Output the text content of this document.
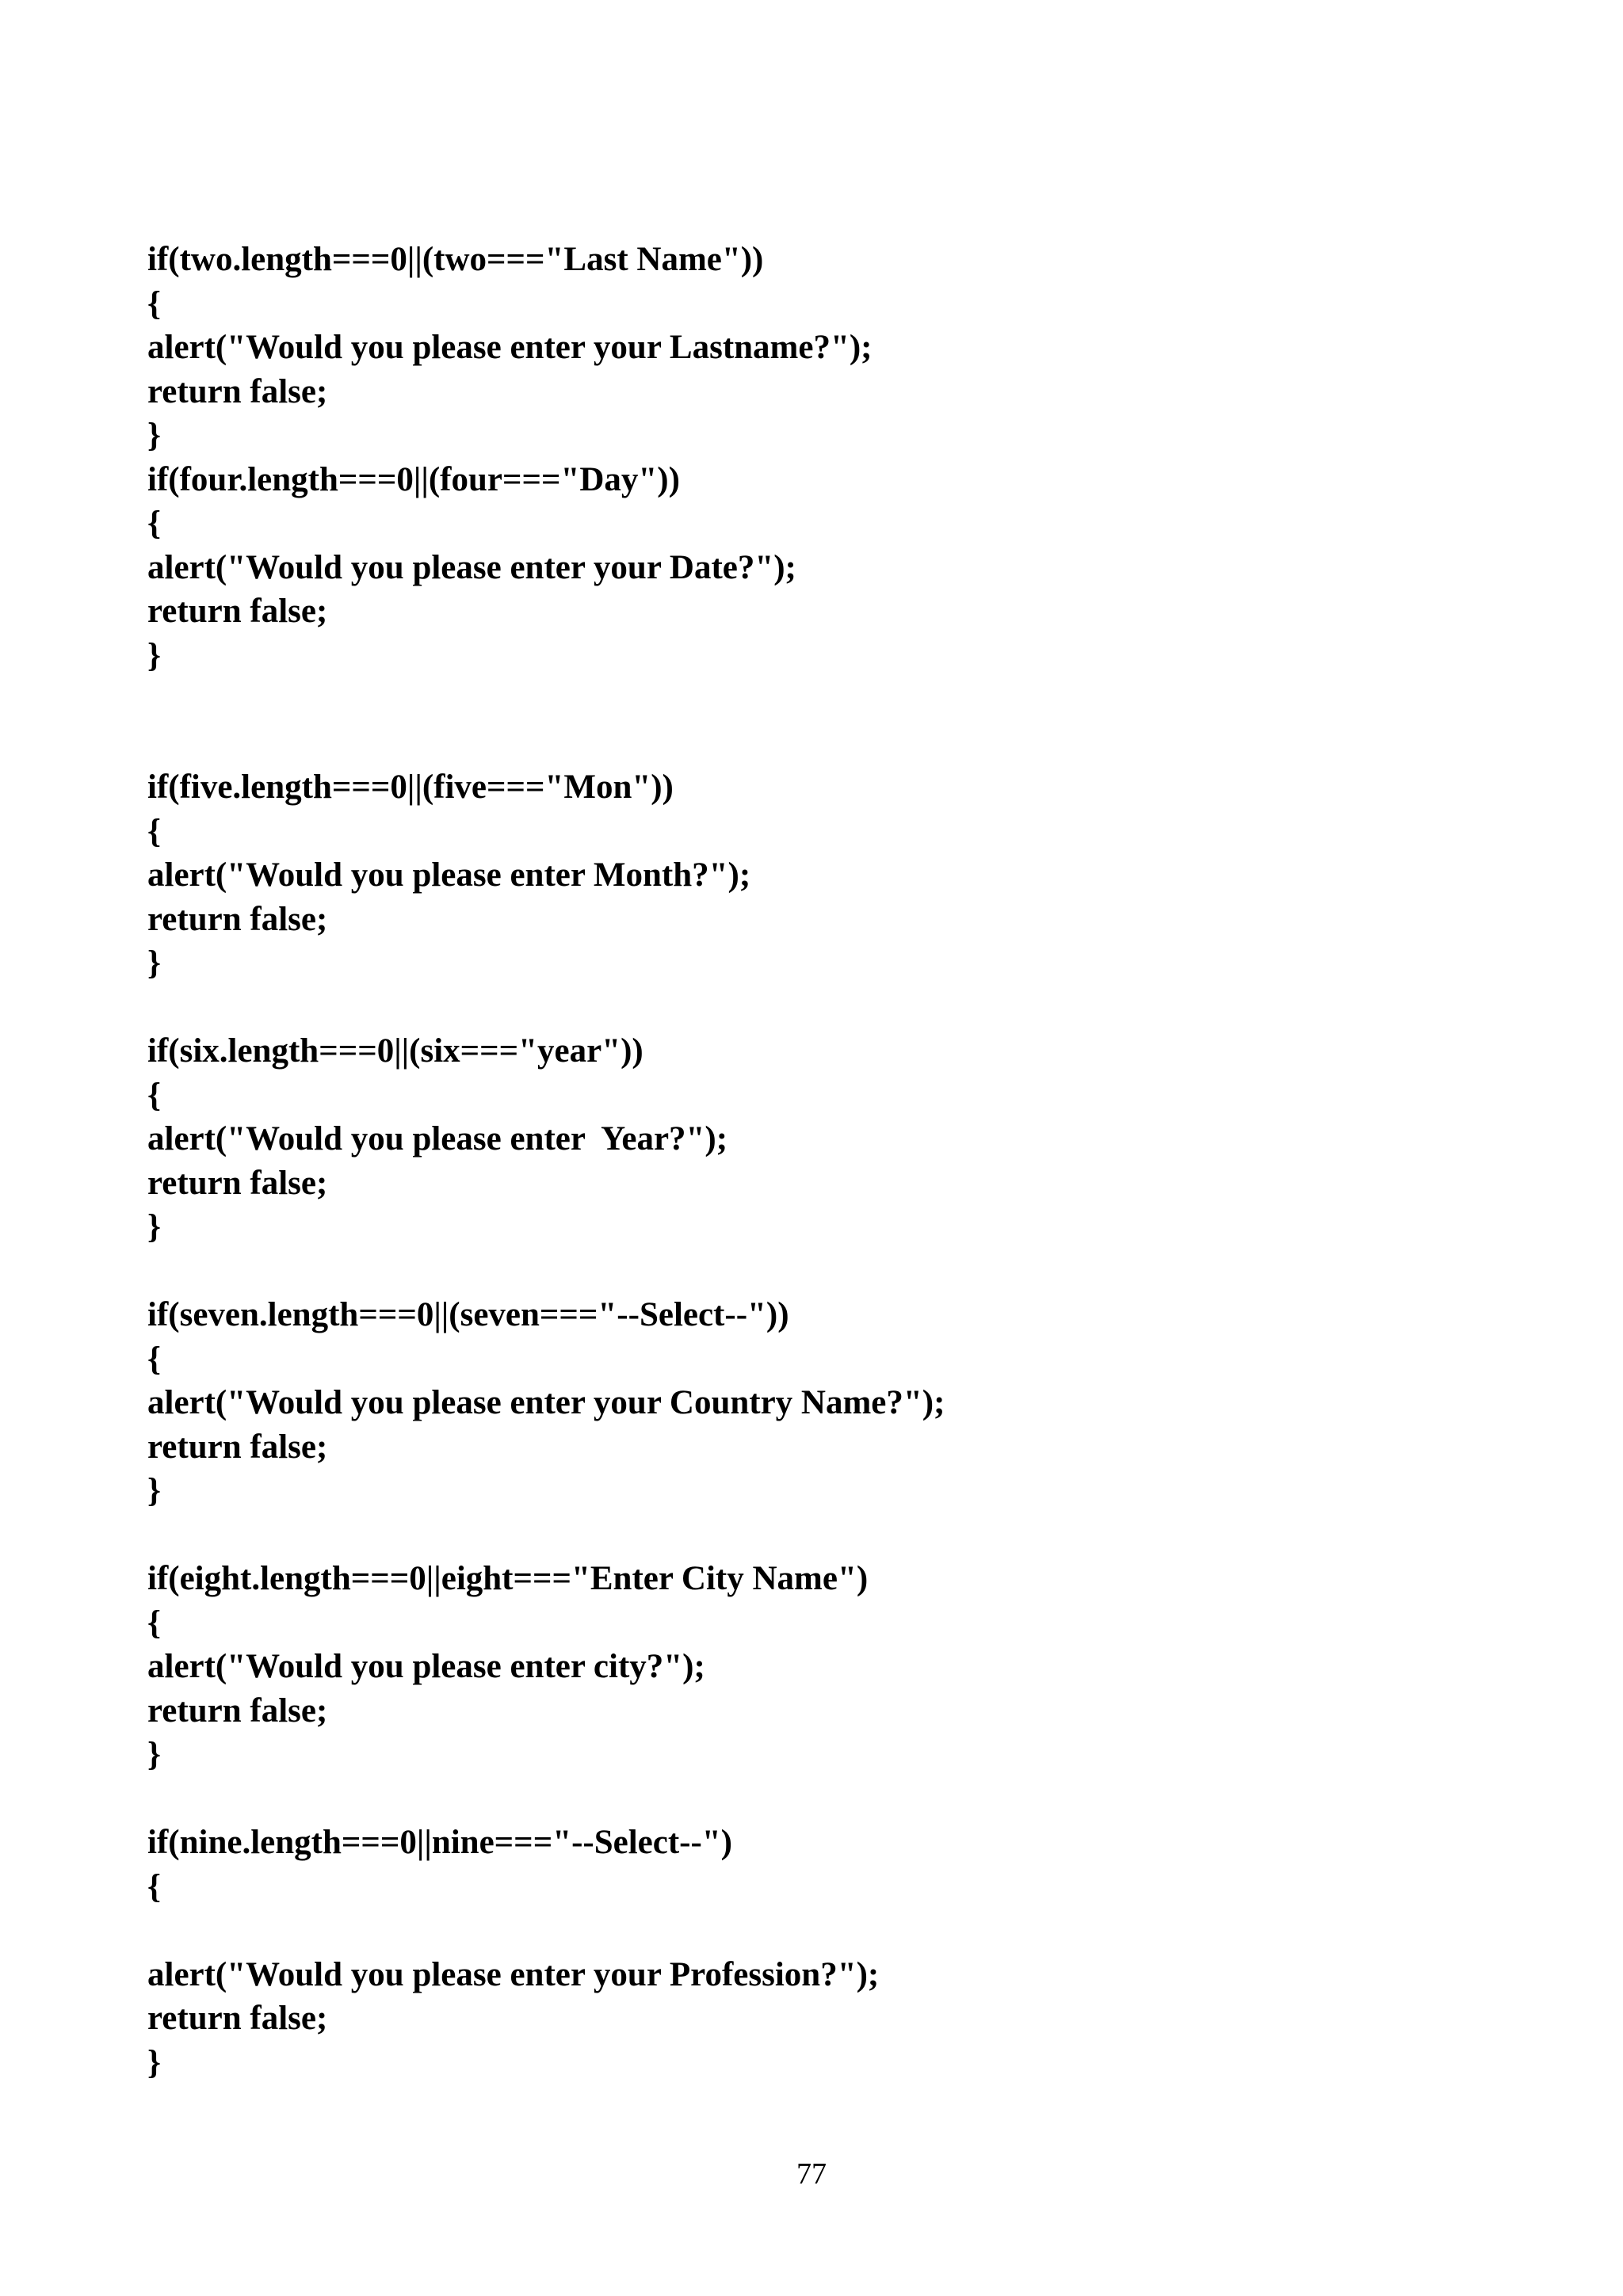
if(two.length===0||(two==="Last Name"))
{
alert("Would you please enter your Lastname?");
return false;
}
if(four.length===0||(four==="Day"))
{
alert("Would you please enter your Date?");
return false;
}
if(five.length===0||(five==="Mon"))
{
alert("Would you please enter Month?");
return false;
}
if(six.length===0||(six==="year"))
{
alert("Would you please enter  Year?");
return false;
}
if(seven.length===0||(seven==="--Select--"))
{
alert("Would you please enter your Country Name?");
return false;
}
if(eight.length===0||eight==="Enter City Name")
{
alert("Would you please enter city?");
return false;
}
if(nine.length===0||nine==="--Select--")
{
alert("Would you please enter your Profession?");
return false;
}
77
